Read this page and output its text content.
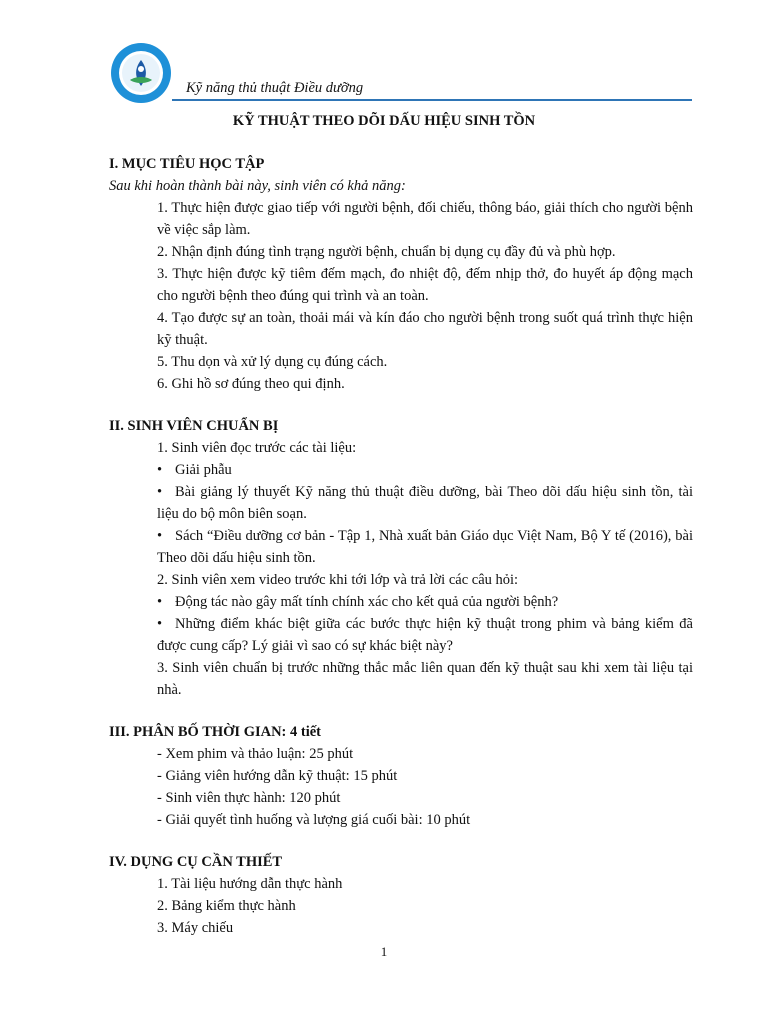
Kỹ năng thủ thuật Điều dưỡng
KỸ THUẬT THEO DÕI DẤU HIỆU SINH TỒN

I. MỤC TIÊU HỌC TẬP

Sau khi hoàn thành bài này, sinh viên có khả năng:

1. Thực hiện được giao tiếp với người bệnh, đối chiếu, thông báo, giải thích cho người bệnh về việc sắp làm.

2. Nhận định đúng tình trạng người bệnh, chuẩn bị dụng cụ đầy đủ và phù hợp.

3. Thực hiện được kỹ tiêm đếm mạch, đo nhiệt độ, đếm nhịp thở, đo huyết áp động mạch cho người bệnh theo đúng qui trình và an toàn.

4. Tạo được sự an toàn, thoải mái và kín đáo cho người bệnh trong suốt quá trình thực hiện kỹ thuật.

5. Thu dọn và xử lý dụng cụ đúng cách.

6. Ghi hồ sơ đúng theo qui định.

II. SINH VIÊN CHUẨN BỊ

1. Sinh viên đọc trước các tài liệu:

• Giải phẫu

• Bài giảng lý thuyết Kỹ năng thủ thuật điều dưỡng, bài Theo dõi dấu hiệu sinh tồn, tài liệu do bộ môn biên soạn.

• Sách “Điều dưỡng cơ bản - Tập 1, Nhà xuất bản Giáo dục Việt Nam, Bộ Y tế (2016), bài Theo dõi dấu hiệu sinh tồn.

2. Sinh viên xem video trước khi tới lớp và trả lời các câu hỏi:

• Động tác nào gây mất tính chính xác cho kết quả của người bệnh?

• Những điểm khác biệt giữa các bước thực hiện kỹ thuật trong phim và bảng kiểm đã được cung cấp? Lý giải vì sao có sự khác biệt này?

3. Sinh viên chuẩn bị trước những thắc mắc liên quan đến kỹ thuật sau khi xem tài liệu tại nhà.

III. PHÂN BỐ THỜI GIAN: 4 tiết

- Xem phim và thảo luận: 25 phút

- Giảng viên hướng dẫn kỹ thuật: 15 phút

- Sinh viên thực hành: 120 phút

- Giải quyết tình huống và lượng giá cuối bài: 10 phút

IV. DỤNG CỤ CẦN THIẾT

1. Tài liệu hướng dẫn thực hành

2. Bảng kiểm thực hành

3. Máy chiếu

1
